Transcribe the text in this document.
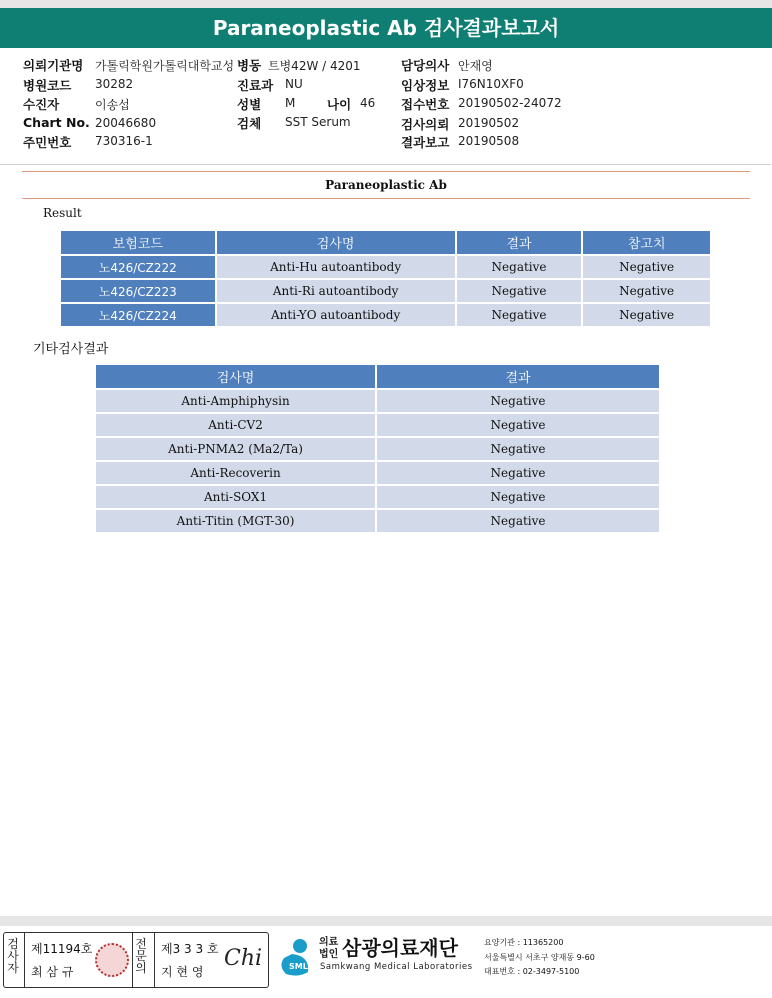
Paraneoplastic Ab 검사결과보고서
의뢰기관명 가톨릭학원가톨릭대학교성
병원코드 30282
수진자	이송섭
Chart No. 20046680
주민번호 730316-1
병동 트병42W / 4201
진료과 NU
성별 M	나이 46
검체 SST Serum
담당의사 안재영
임상정보 I76N10XF0
접수번호 20190502-24072
검사의뢰 20190502
결과보고 20190508
Paraneoplastic Ab
Result
보험코드	검사명	결과	참고치
노426/CZ222	Anti-Hu autoantibody	Negative	Negative
노426/CZ223	Anti-Ri autoantibody	Negative	Negative
노426/CZ224	Anti-YO autoantibody	Negative	Negative
기타검사결과
검사명	결과
Anti-Amphiphysin	Negative
Anti-CV2	Negative
Anti-PNMA2 (Ma2/Ta)	Negative
Anti-Recoverin	Negative
Anti-SOX1	Negative
Anti-Titin (MGT-30)	Negative
검사자
제11194호
최 삼 규
전문의
제3 3 3 호
지 현 영
Chi	SML
의료
법인 삼광의료재단
Samkwang Medical Laboratories
요양기관 : 11365200
서울특별시 서초구 양재동 9-60
대표번호 : 02-3497-5100
